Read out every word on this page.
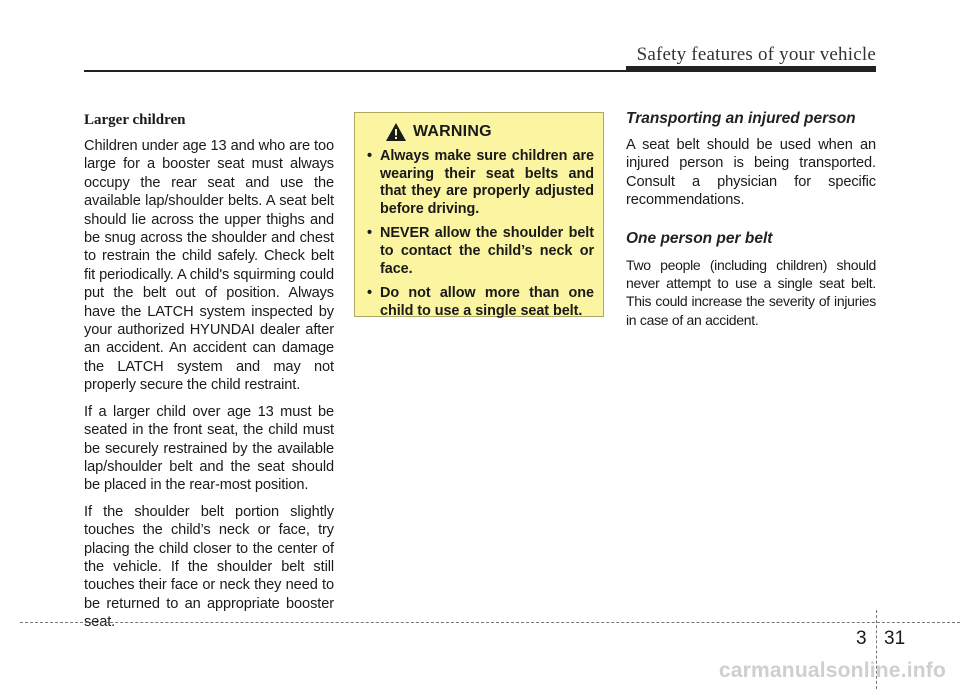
Safety features of your vehicle
Larger children

Children under age 13 and who are too large for a booster seat must always occupy the rear seat and use the available lap/shoulder belts. A seat belt should lie across the upper thighs and be snug across the shoulder and chest to restrain the child safely. Check belt fit periodically. A child's squirming could put the belt out of position. Always have the LATCH system inspected by your authorized HYUNDAI dealer after an accident. An accident can damage the LATCH system and may not properly secure the child restraint.

If a larger child over age 13 must be seated in the front seat, the child must be securely restrained by the available lap/shoulder belt and the seat should be placed in the rear-most position.

If the shoulder belt portion slightly touches the child’s neck or face, try placing the child closer to the center of the vehicle. If the shoulder belt still touches their face or neck they need to be returned to an appropriate booster seat.

WARNING
• Always make sure children are wearing their seat belts and that they are properly adjusted before driving.
• NEVER allow the shoulder belt to contact the child’s neck or face.
• Do not allow more than one child to use a single seat belt.
Transporting an injured person

A seat belt should be used when an injured person is being transported. Consult a physician for specific recommendations.

One person per belt

Two people (including children) should never attempt to use a single seat belt. This could increase the severity of injuries in case of an accident.

3 31
carmanualsonline.info
